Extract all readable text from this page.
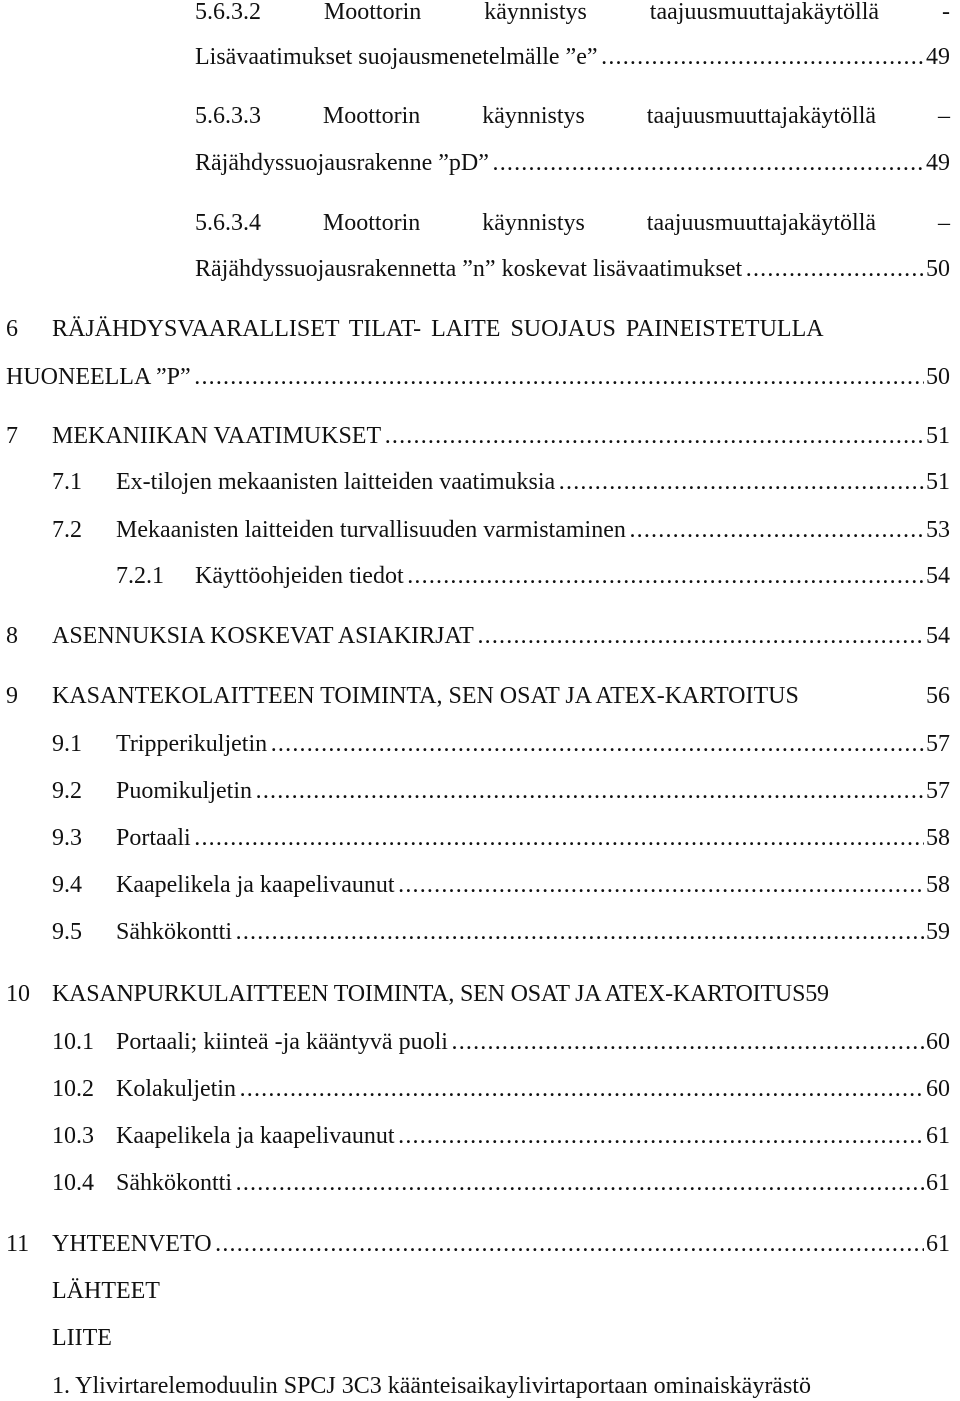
5.6.3.2	Moottorin	käynnistys	taajuusmuuttajakäytöllä	-
Lisävaatimukset suojausmenetelmälle ”e” . . .	49
5.6.3.3	Moottorin	käynnistys	taajuusmuuttajakäytöllä	–
Räjähdyssuojausrakenne ”pD” . . .	49
5.6.3.4	Moottorin	käynnistys	taajuusmuuttajakäytöllä	–
Räjähdyssuojausrakennetta ”n” koskevat lisävaatimukset . . .	50
6 RÄJÄHDYSVAARALLISET TILAT- LAITE SUOJAUS PAINEISTETULLA
HUONEELLA ”P” . . .	50
7 MEKANIIKAN VAATIMUKSET . . .	51
7.1 Ex-tilojen mekaanisten laitteiden vaatimuksia . . .	51
7.2 Mekaanisten laitteiden turvallisuuden varmistaminen . . .	53
7.2.1 Käyttöohjeiden tiedot . . .	54
8 ASENNUKSIA KOSKEVAT ASIAKIRJAT . . .	54
9 KASANTEKOLAITTEEN TOIMINTA, SEN OSAT JA ATEX-KARTOITUS	56
9.1 Tripperikuljetin . . .	57
9.2 Puomikuljetin . . .	57
9.3 Portaali . . .	58
9.4 Kaapelikela ja kaapelivaunut . . .	58
9.5 Sähkökontti . . .	59
10 KASANPURKULAITTEEN TOIMINTA, SEN OSAT JA ATEX-KARTOITUS59
10.1 Portaali; kiinteä -ja kääntyvä puoli . . .	60
10.2 Kolakuljetin . . .	60
10.3 Kaapelikela ja kaapelivaunut . . .	61
10.4 Sähkökontti . . .	61
11 YHTEENVETO . . .	61
LÄHTEET
LIITE
1. Ylivirtarelemoduulin SPCJ 3C3 käänteisaikaylivirtaportaan ominaiskäyrästö
